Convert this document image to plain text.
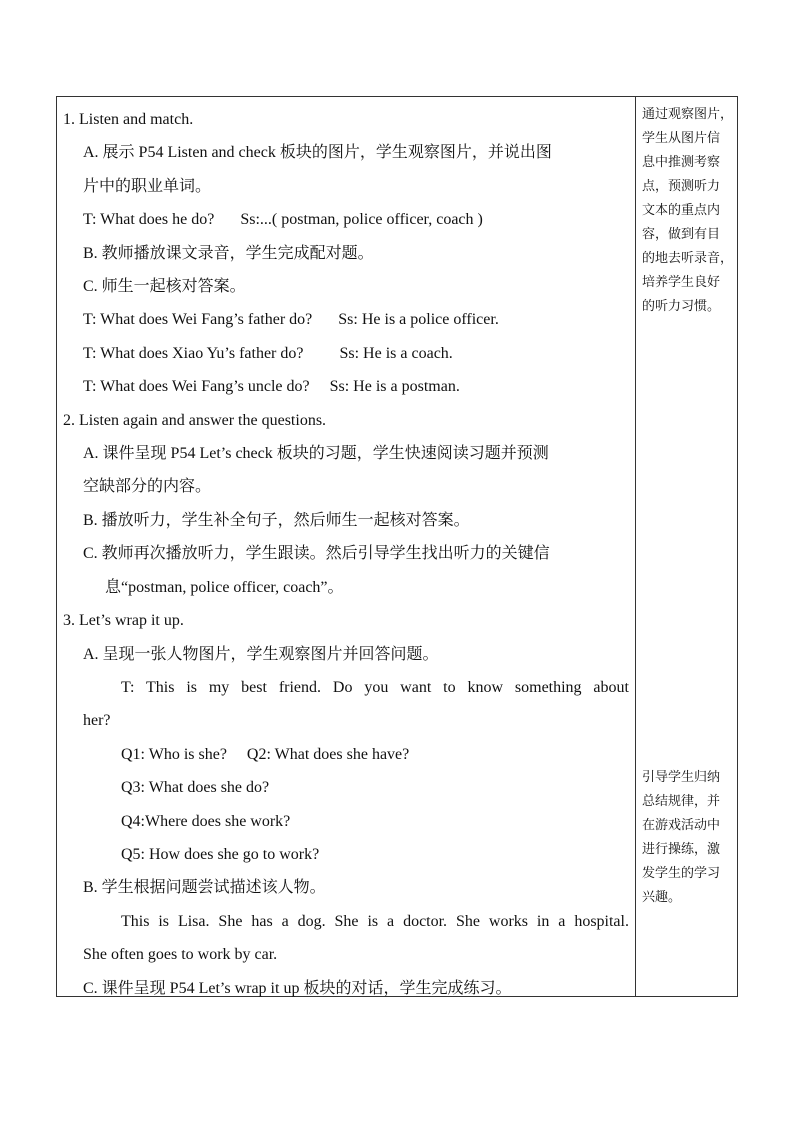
1. Listen and match.
A. 展示 P54 Listen and check 板块的图片，学生观察图片，并说出图
片中的职业单词。
T: What does he do? Ss:...( postman, police officer, coach )
B. 教师播放课文录音，学生完成配对题。
C. 师生一起核对答案。
T: What does Wei Fang’s father do? Ss: He is a police officer.
T: What does Xiao Yu’s father do? Ss: He is a coach.
T: What does Wei Fang’s uncle do? Ss: He is a postman.
2. Listen again and answer the questions.
A. 课件呈现 P54 Let’s check 板块的习题，学生快速阅读习题并预测
空缺部分的内容。
B. 播放听力，学生补全句子，然后师生一起核对答案。
C. 教师再次播放听力，学生跟读。然后引导学生找出听力的关键信
息“postman, police officer, coach”。
3. Let’s wrap it up.
A. 呈现一张人物图片，学生观察图片并回答问题。
T: This is my best friend. Do you want to know something about
her?
Q1: Who is she? Q2: What does she have?
Q3: What does she do?
Q4:Where does she work?
Q5: How does she go to work?
B. 学生根据问题尝试描述该人物。
This is Lisa. She has a dog. She is a doctor. She works in a hospital.
She often goes to work by car.
C. 课件呈现 P54 Let’s wrap it up 板块的对话，学生完成练习。

通过观察图片，

学生从图片信

息中推测考察

点，预测听力

文本的重点内

容，做到有目

的地去听录音，

培养学生良好

的听力习惯。

引导学生归纳

总结规律，并

在游戏活动中

进行操练，激

发学生的学习

兴趣。
